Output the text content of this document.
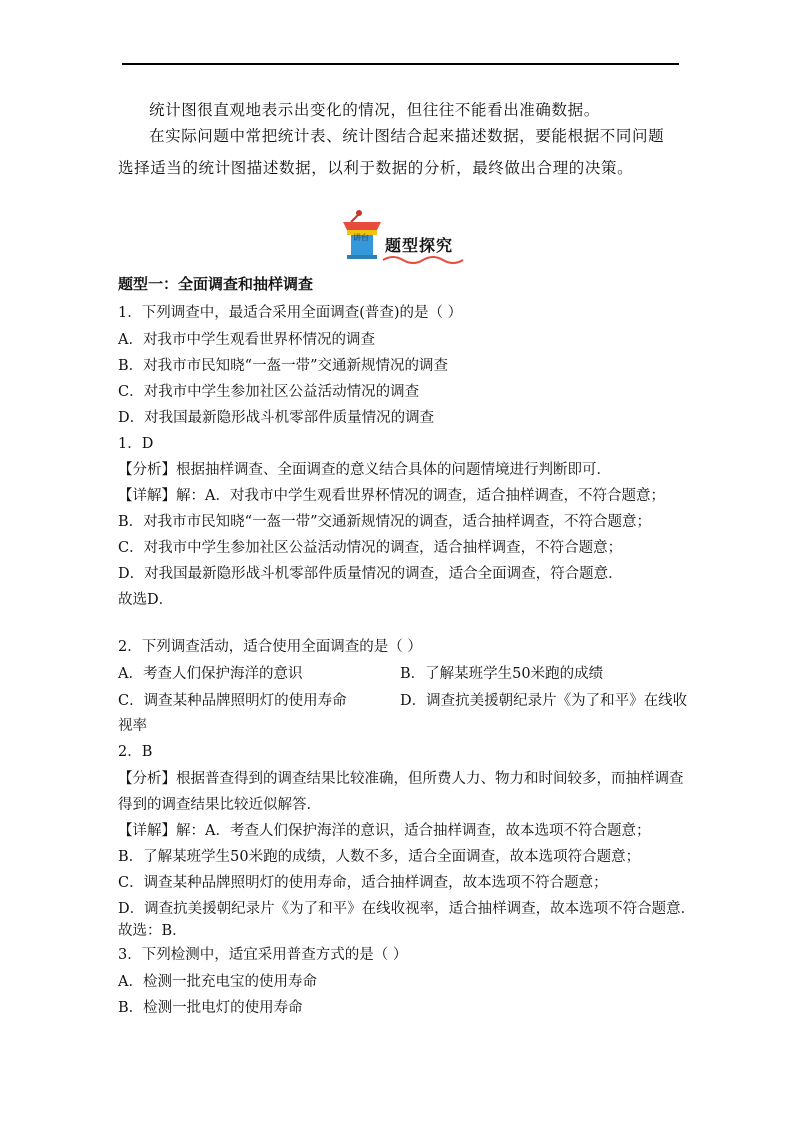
统计图很直观地表示出变化的情况，但往往不能看出准确数据。
在实际问题中常把统计表、统计图结合起来描述数据，要能根据不同问题选择适当的统计图描述数据，以利于数据的分析，最终做出合理的决策。
讲台	题型探究
题型一：全面调查和抽样调查
1．下列调查中，最适合采用全面调查(普查)的是（ ）
A．对我市中学生观看世界杯情况的调查
B．对我市市民知晓“一盔一带”交通新规情况的调查
C．对我市中学生参加社区公益活动情况的调查
D．对我国最新隐形战斗机零部件质量情况的调查
1．D
【分析】根据抽样调查、全面调查的意义结合具体的问题情境进行判断即可．
【详解】解：A．对我市中学生观看世界杯情况的调查，适合抽样调查，不符合题意；
B．对我市市民知晓“一盔一带”交通新规情况的调查，适合抽样调查，不符合题意；
C．对我市中学生参加社区公益活动情况的调查，适合抽样调查，不符合题意；
D．对我国最新隐形战斗机零部件质量情况的调查，适合全面调查，符合题意．
故选D．
2．下列调查活动，适合使用全面调查的是（ ）
A．考查人们保护海洋的意识	B．了解某班学生50米跑的成绩
C．调查某种品牌照明灯的使用寿命	D．调查抗美援朝纪录片《为了和平》在线收
视率
2．B
【分析】根据普查得到的调查结果比较准确，但所费人力、物力和时间较多，而抽样调查
得到的调查结果比较近似解答．
【详解】解：A．考查人们保护海洋的意识，适合抽样调查，故本选项不符合题意；
B．了解某班学生50米跑的成绩，人数不多，适合全面调查，故本选项符合题意；
C．调查某种品牌照明灯的使用寿命，适合抽样调查，故本选项不符合题意；
D．调查抗美援朝纪录片《为了和平》在线收视率，适合抽样调查，故本选项不符合题意．
故选：B．
3．下列检测中，适宜采用普查方式的是（ ）
A．检测一批充电宝的使用寿命
B．检测一批电灯的使用寿命
